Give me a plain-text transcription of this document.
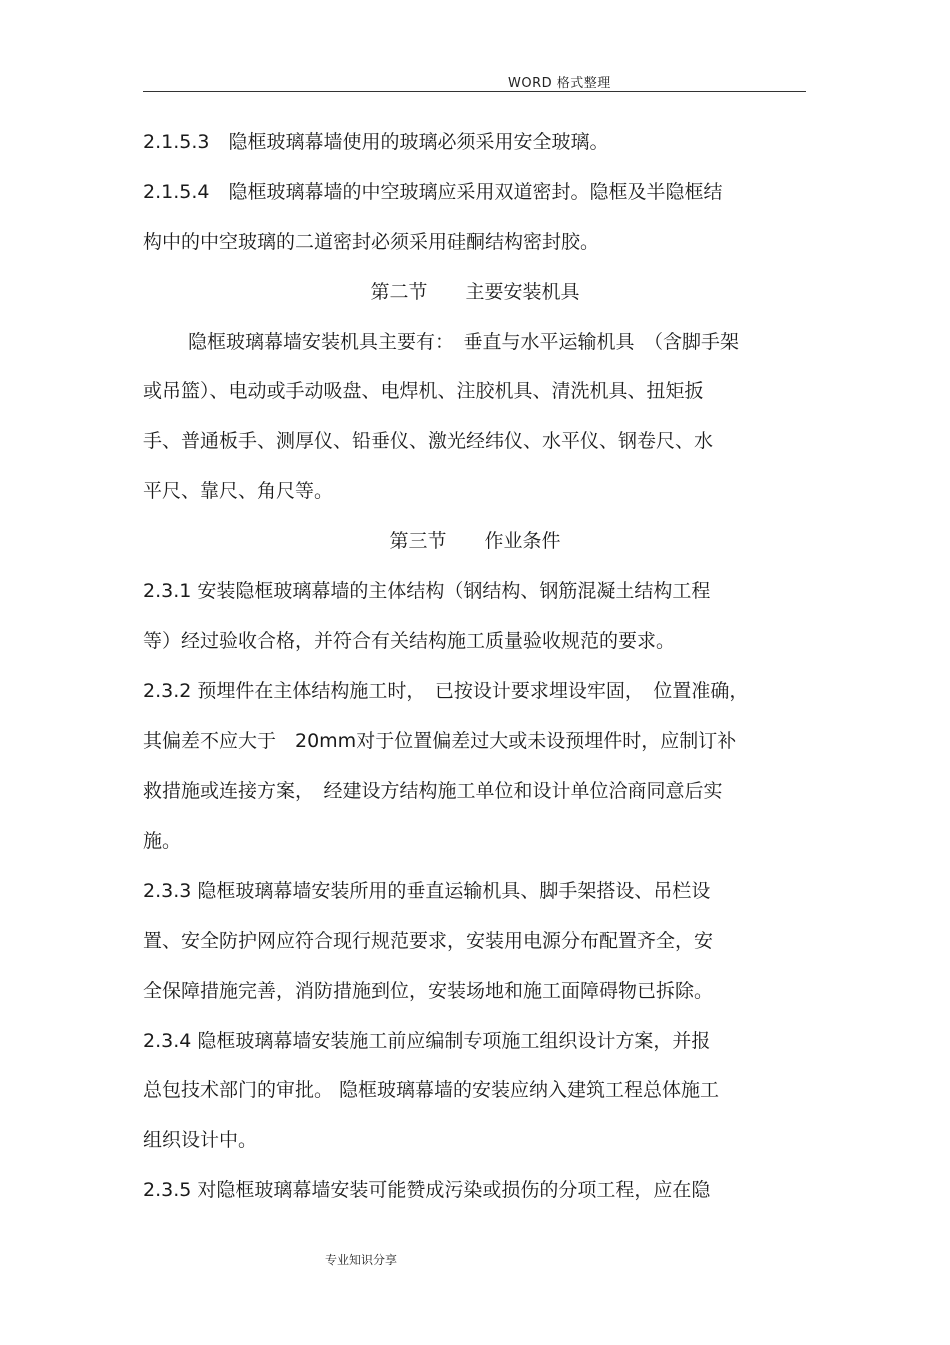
WORD 格式整理
2.1.5.3　隐框玻璃幕墙使用的玻璃必须采用安全玻璃。
2.1.5.4　隐框玻璃幕墙的中空玻璃应采用双道密封。隐框及半隐框结
构中的中空玻璃的二道密封必须采用硅酮结构密封胶。
第二节　　主要安装机具
隐框玻璃幕墙安装机具主要有：　垂直与水平运输机具　（含脚手架
或吊篮）、电动或手动吸盘、电焊机、注胶机具、清洗机具、扭矩扳
手、普通板手、测厚仪、铅垂仪、激光经纬仪、水平仪、钢卷尺、水
平尺、靠尺、角尺等。
第三节　　作业条件
2.3.1 安装隐框玻璃幕墙的主体结构（钢结构、钢筋混凝土结构工程
等）经过验收合格，并符合有关结构施工质量验收规范的要求。
2.3.2 预埋件在主体结构施工时，　已按设计要求埋设牢固，　位置准确，
其偏差不应大于　20mm对于位置偏差过大或未设预埋件时，应制订补
救措施或连接方案，　经建设方结构施工单位和设计单位洽商同意后实
施。
2.3.3 隐框玻璃幕墙安装所用的垂直运输机具、脚手架搭设、吊栏设
置、安全防护网应符合现行规范要求，安装用电源分布配置齐全，安
全保障措施完善，消防措施到位，安装场地和施工面障碍物已拆除。
2.3.4 隐框玻璃幕墙安装施工前应编制专项施工组织设计方案，并报
总包技术部门的审批。 隐框玻璃幕墙的安装应纳入建筑工程总体施工
组织设计中。
2.3.5 对隐框玻璃幕墙安装可能赞成污染或损伤的分项工程，应在隐
专业知识分享
